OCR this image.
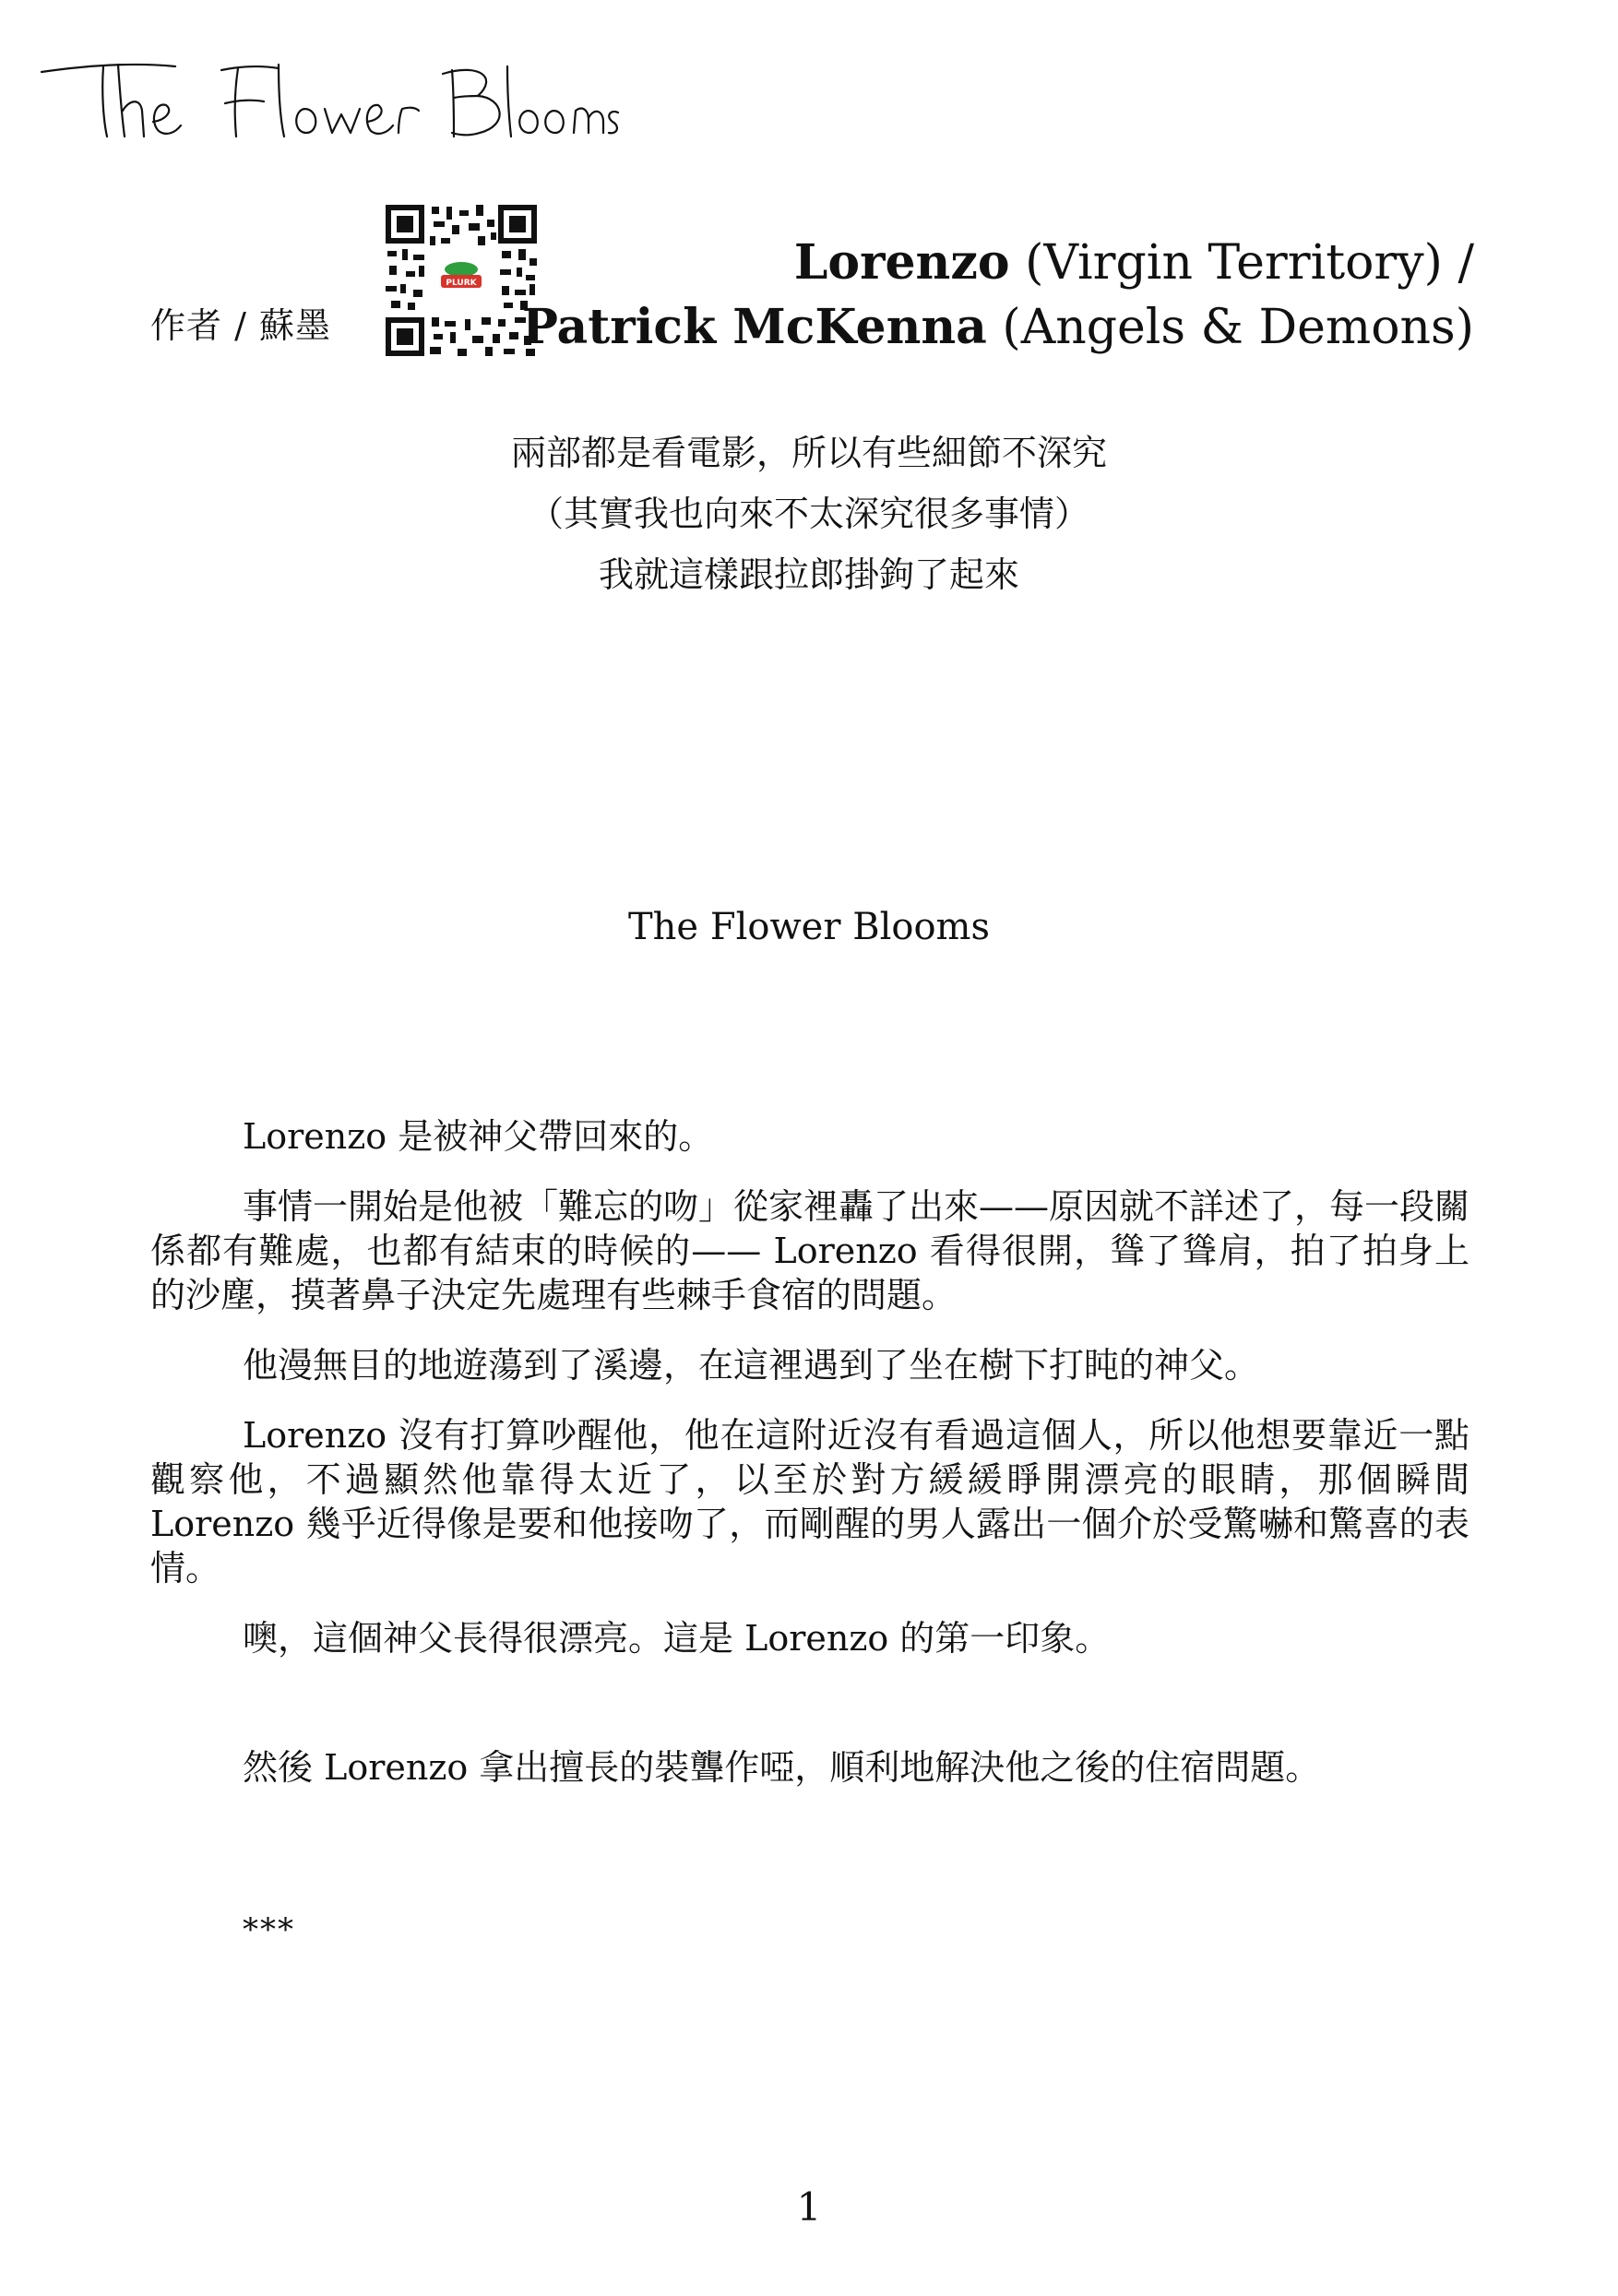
作者 / 蘇墨
PLURK	Lorenzo (Virgin Territory) /
Patrick McKenna (Angels & Demons)
兩部都是看電影，所以有些細節不深究
（其實我也向來不太深究很多事情）
我就這樣跟拉郎掛鉤了起來
The Flower Blooms

Lorenzo 是被神父帶回來的。

事情一開始是他被「難忘的吻」從家裡轟了出來——原因就不詳述了，每一段關係都有難處，也都有結束的時候的—— Lorenzo 看得很開，聳了聳肩，拍了拍身上的沙塵，摸著鼻子決定先處理有些棘手食宿的問題。

他漫無目的地遊蕩到了溪邊，在這裡遇到了坐在樹下打盹的神父。

Lorenzo 沒有打算吵醒他，他在這附近沒有看過這個人，所以他想要靠近一點觀察他，不過顯然他靠得太近了，以至於對方緩緩睜開漂亮的眼睛，那個瞬間 Lorenzo 幾乎近得像是要和他接吻了，而剛醒的男人露出一個介於受驚嚇和驚喜的表情。

噢，這個神父長得很漂亮。這是 Lorenzo 的第一印象。

然後 Lorenzo 拿出擅長的裝聾作啞，順利地解決他之後的住宿問題。

***
1
